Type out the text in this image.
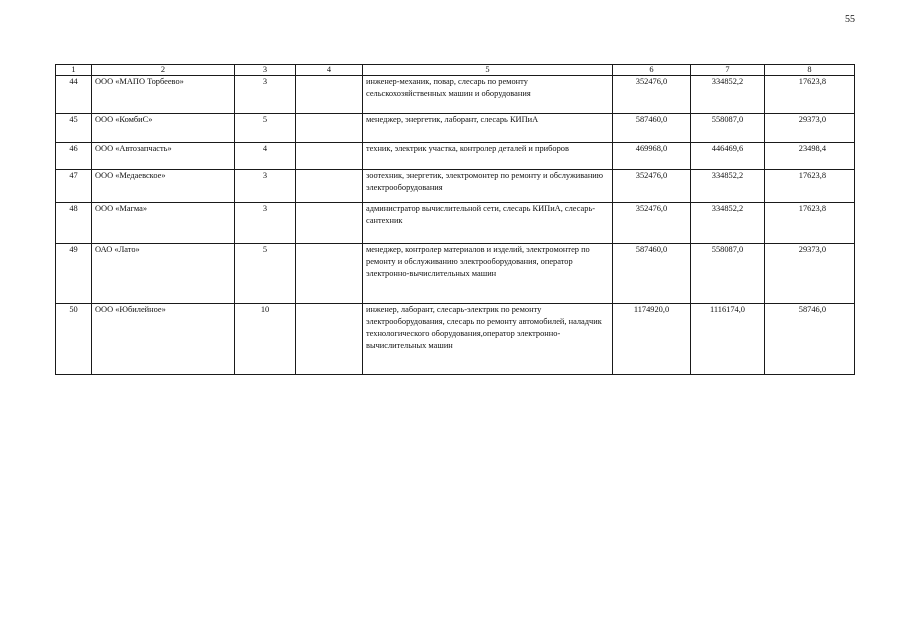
55
1	2	3	4	5	6	7	8
44	ООО «МАПО Торбеево»	3		инженер-механик, повар, слесарь по ремонту сельскохозяйственных машин и оборудования	352476,0	334852,2	17623,8
45	ООО «КомбиС»	5		менеджер, энергетик, лаборант, слесарь КИПиА	587460,0	558087,0	29373,0
46	ООО «Автозапчасть»	4		техник, электрик участка, контролер деталей и приборов	469968,0	446469,6	23498,4
47	ООО «Медаевское»	3		зоотехник, энергетик, электромонтер по ремонту и обслуживанию электрооборудования	352476,0	334852,2	17623,8
48	ООО «Магма»	3		администратор вычислительной сети, слесарь КИПиА, слесарь-сантехник	352476,0	334852,2	17623,8
49	ОАО «Лато»	5		менеджер, контролер материалов и изделий, электромонтер по ремонту и обслуживанию электрооборудования, оператор электронно-вычислительных машин	587460,0	558087,0	29373,0
50	ООО «Юбилейное»	10		инженер, лаборант, слесарь-электрик по ремонту электрооборудования, слесарь по ремонту автомобилей, наладчик технологического оборудования,оператор электронно-вычислительных машин	1174920,0	1116174,0	58746,0
